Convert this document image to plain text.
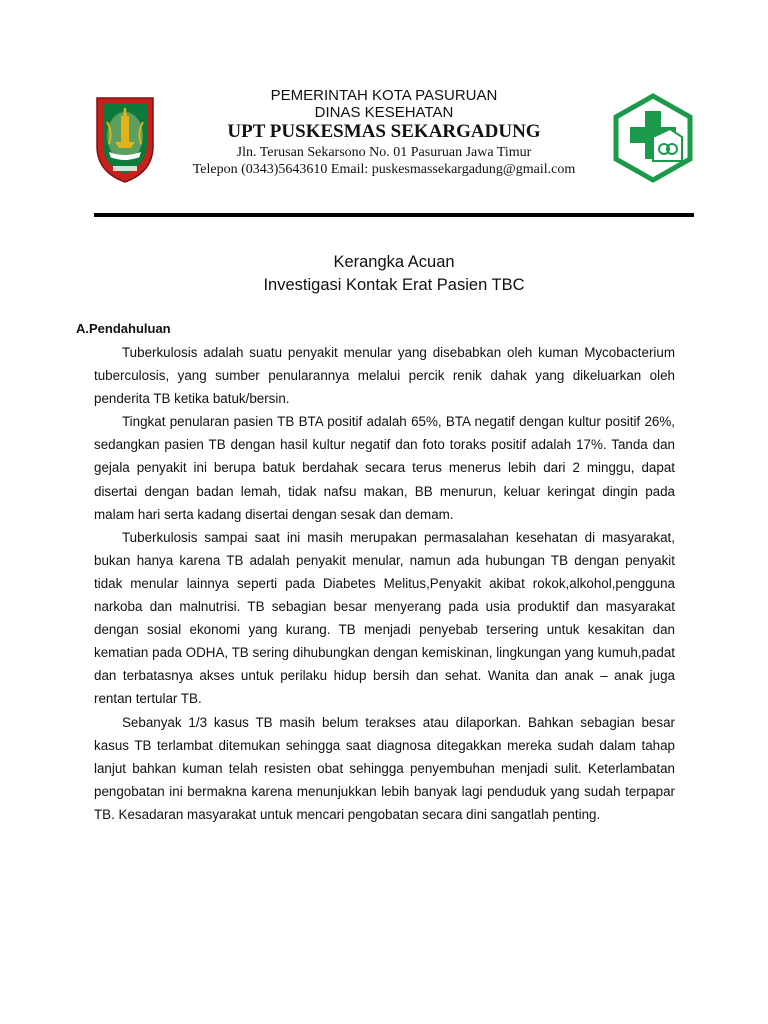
PEMERINTAH KOTA PASURUAN
DINAS KESEHATAN
UPT PUSKESMAS SEKARGADUNG
Jln. Terusan Sekarsono No. 01 Pasuruan Jawa Timur
Telepon (0343)5643610 Email: puskesmassekargadung@gmail.com
Kerangka Acuan
Investigasi Kontak Erat Pasien TBC
A.Pendahuluan

Tuberkulosis adalah suatu penyakit menular yang disebabkan oleh kuman Mycobacterium tuberculosis, yang sumber penularannya melalui percik renik dahak yang dikeluarkan oleh penderita TB ketika batuk/bersin.

Tingkat penularan pasien TB BTA positif adalah 65%, BTA negatif dengan kultur positif 26%, sedangkan pasien TB dengan hasil kultur negatif dan foto toraks positif adalah 17%. Tanda dan gejala penyakit ini berupa batuk berdahak secara terus menerus lebih dari 2 minggu, dapat disertai dengan badan lemah, tidak nafsu makan, BB menurun, keluar keringat dingin pada malam hari serta kadang disertai dengan sesak dan demam.

Tuberkulosis sampai saat ini masih merupakan permasalahan kesehatan di masyarakat, bukan hanya karena TB adalah penyakit menular, namun ada hubungan TB dengan penyakit tidak menular lainnya seperti pada Diabetes Melitus,Penyakit akibat rokok,alkohol,pengguna narkoba dan malnutrisi. TB sebagian besar menyerang pada usia produktif dan masyarakat dengan sosial ekonomi yang kurang. TB menjadi penyebab tersering untuk kesakitan dan kematian pada ODHA, TB sering dihubungkan dengan kemiskinan, lingkungan yang kumuh,padat dan terbatasnya akses untuk perilaku hidup bersih dan sehat. Wanita dan anak – anak juga rentan tertular TB.

Sebanyak 1/3 kasus TB masih belum terakses atau dilaporkan. Bahkan sebagian besar kasus TB terlambat ditemukan sehingga saat diagnosa ditegakkan mereka sudah dalam tahap lanjut bahkan kuman telah resisten obat sehingga penyembuhan menjadi sulit. Keterlambatan pengobatan ini bermakna karena menunjukkan lebih banyak lagi penduduk yang sudah terpapar TB. Kesadaran masyarakat untuk mencari pengobatan secara dini sangatlah penting.
